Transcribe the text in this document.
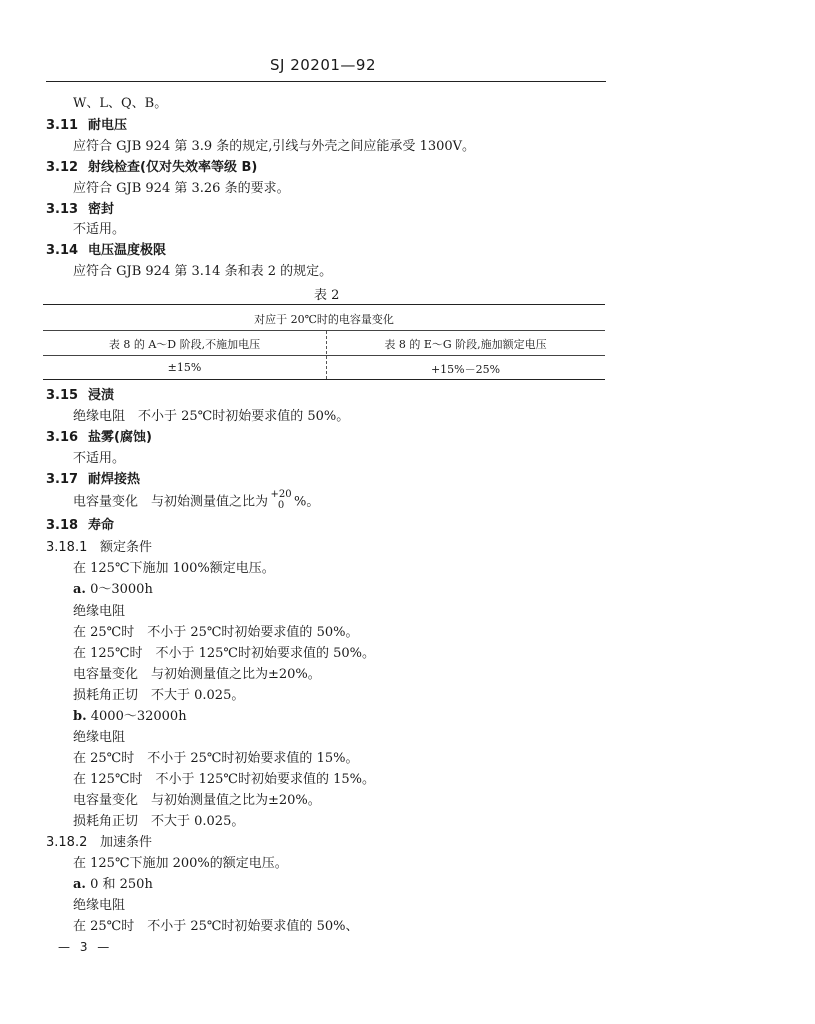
SJ 20201—92
W、L、Q、B。
3.11 耐电压
应符合 GJB 924 第 3.9 条的规定,引线与外壳之间应能承受 1300V。
3.12 射线检查(仅对失效率等级 B)
应符合 GJB 924 第 3.26 条的要求。
3.13 密封
不适用。
3.14 电压温度极限
应符合 GJB 924 第 3.14 条和表 2 的规定。
表 2
对应于 20℃时的电容量变化
表 8 的 A～D 阶段,不施加电压	表 8 的 E～G 阶段,施加额定电压
±15%	+15%－25%
3.15 浸渍
绝缘电阻　不小于 25℃时初始要求值的 50%。
3.16 盐雾(腐蚀)
不适用。
3.17 耐焊接热
电容量变化　与初始测量值之比为 +20
0 %。
3.18 寿命
3.18.1 额定条件
在 125℃下施加 100%额定电压。
a. 0～3000h
绝缘电阻
在 25℃时　不小于 25℃时初始要求值的 50%。
在 125℃时　不小于 125℃时初始要求值的 50%。
电容量变化　与初始测量值之比为±20%。
损耗角正切　不大于 0.025。
b. 4000～32000h
绝缘电阻
在 25℃时　不小于 25℃时初始要求值的 15%。
在 125℃时　不小于 125℃时初始要求值的 15%。
电容量变化　与初始测量值之比为±20%。
损耗角正切　不大于 0.025。
3.18.2 加速条件
在 125℃下施加 200%的额定电压。
a. 0 和 250h
绝缘电阻
在 25℃时　不小于 25℃时初始要求值的 50%、
— 3 —
